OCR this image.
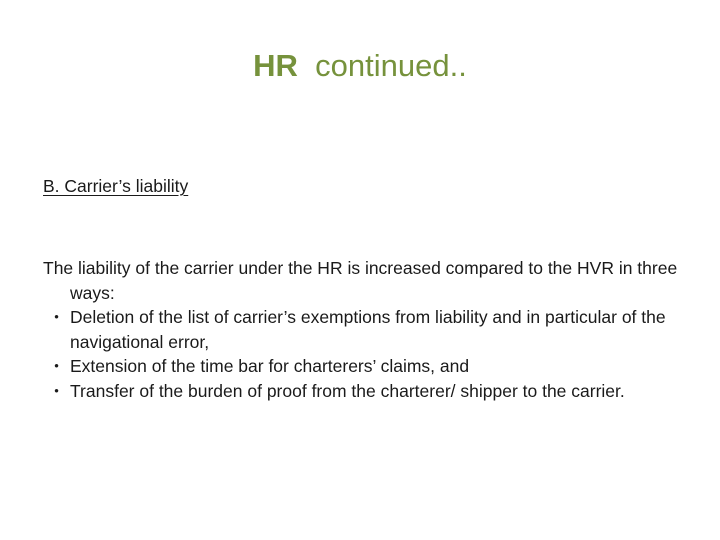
HR  continued..
B. Carrier’s liability

The liability of the carrier under the HR is increased compared to the HVR in three ways:

• Deletion of the list of carrier’s exemptions from liability and in particular of the navigational error,
• Extension of the time bar for charterers’ claims, and
• Transfer of the burden of proof from the charterer/ shipper to the carrier.
